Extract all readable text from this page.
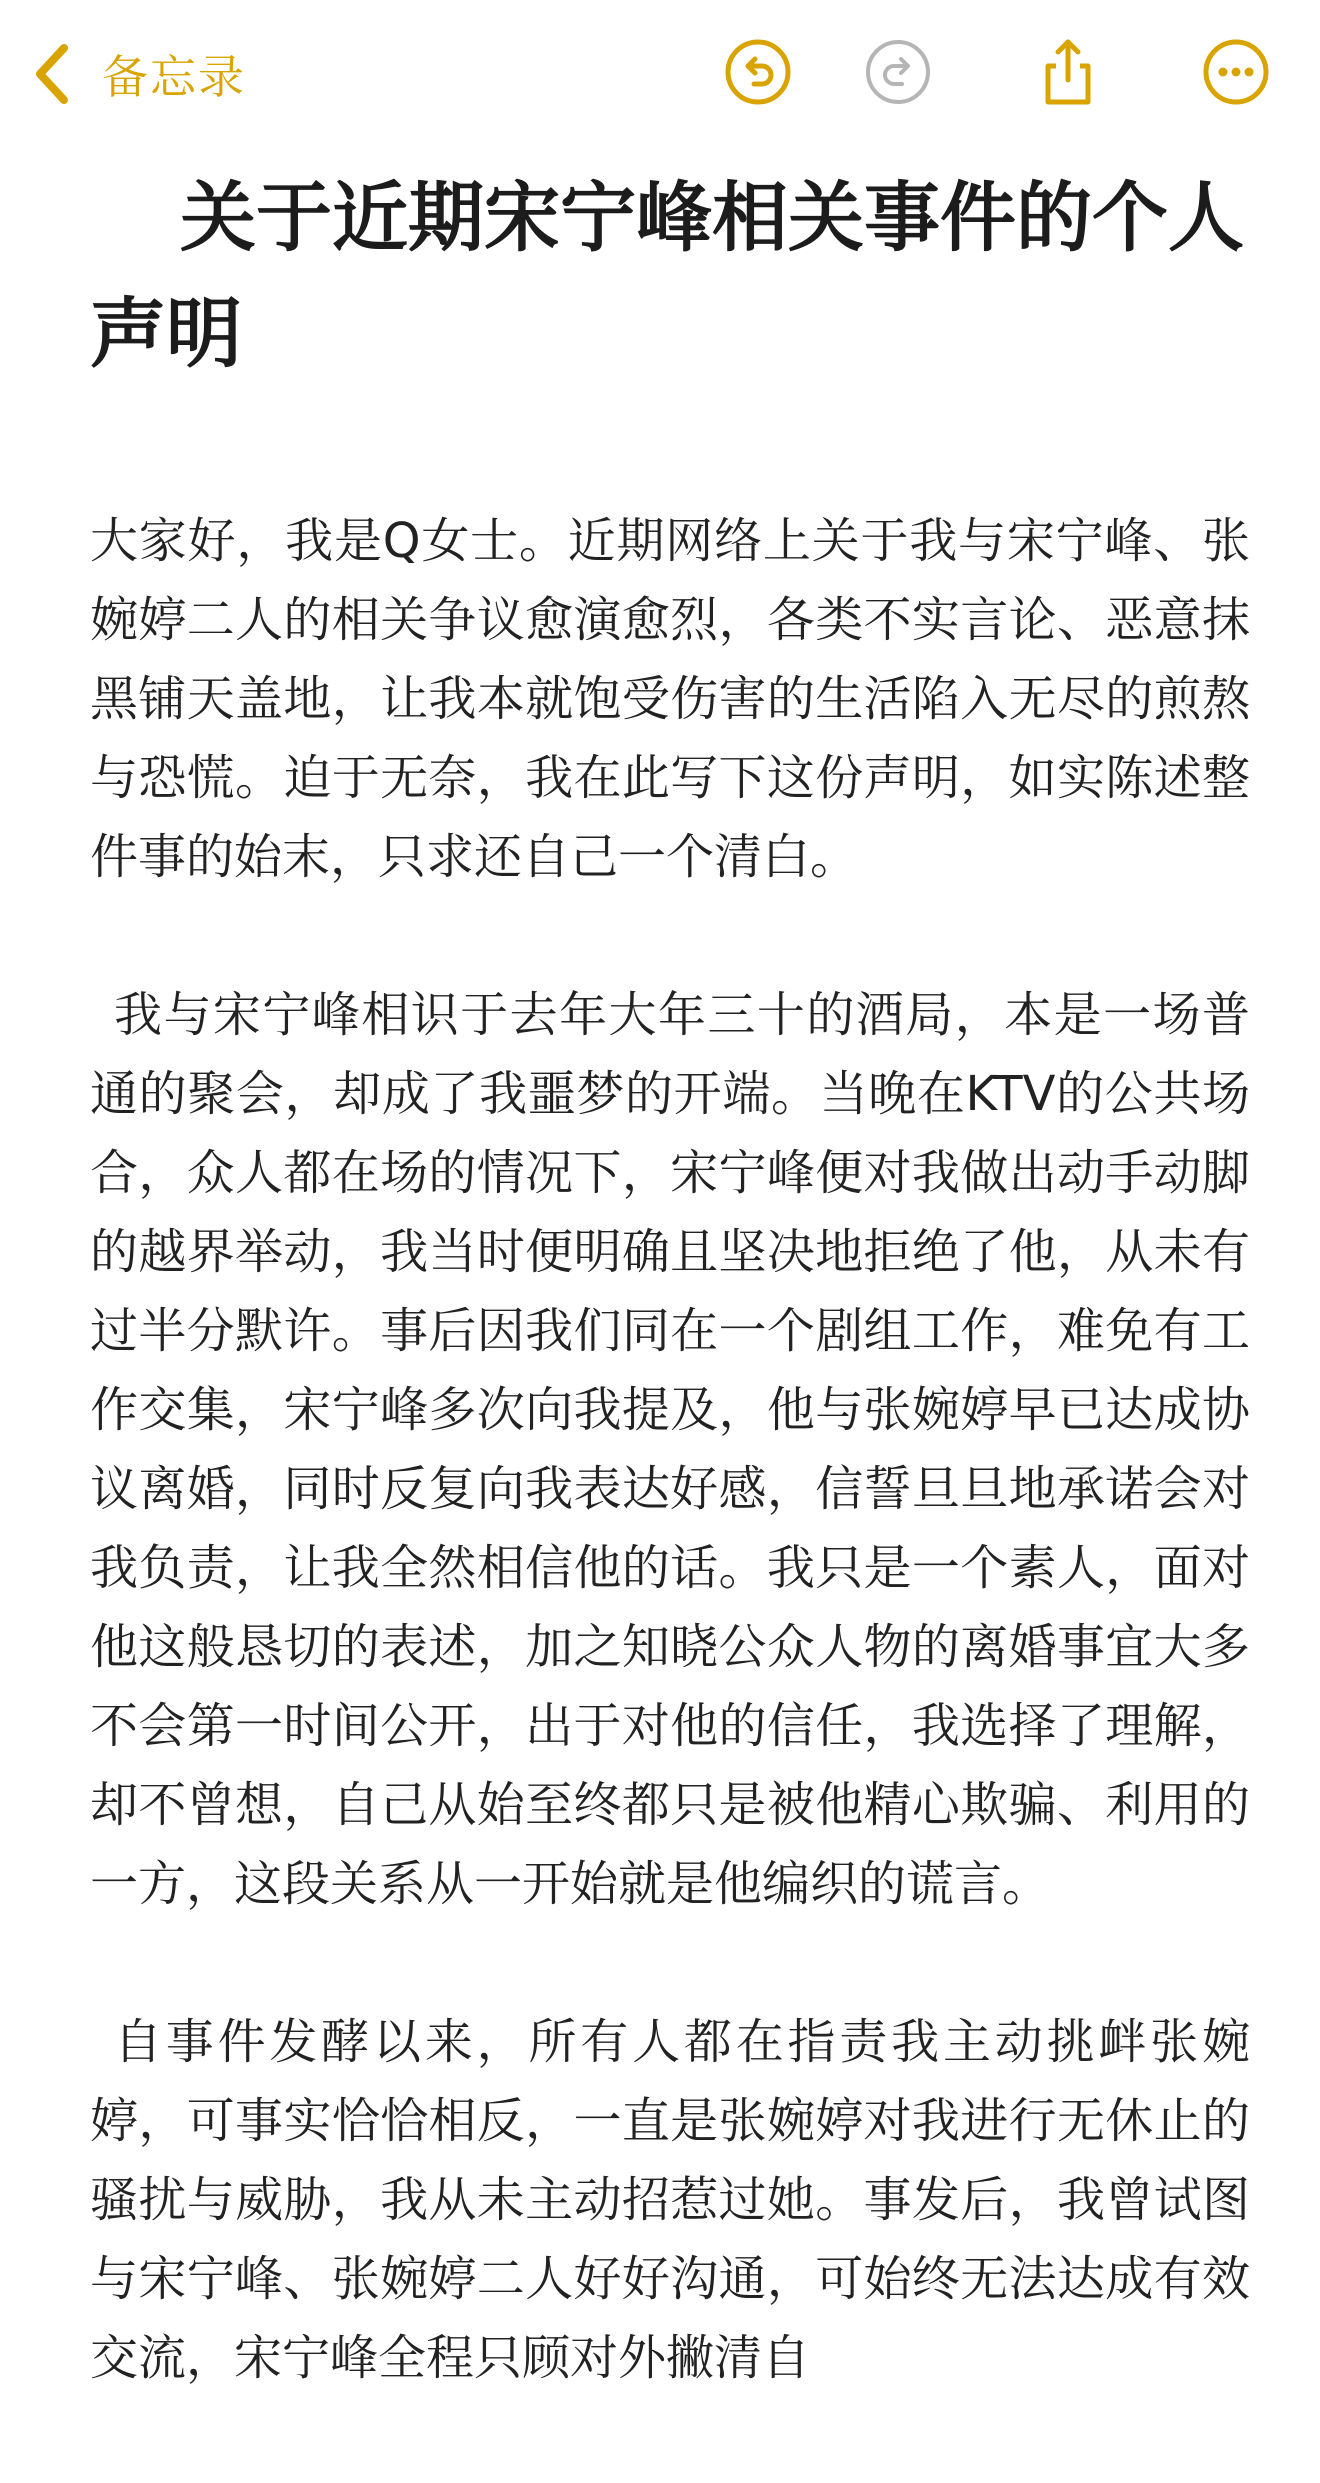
备忘录
关于近期宋宁峰相关事件的个人声明

大家好，我是Q女士。近期网络上关于我与宋宁峰、张婉婷二人的相关争议愈演愈烈，各类不实言论、恶意抹黑铺天盖地，让我本就饱受伤害的生活陷入无尽的煎熬与恐慌。迫于无奈，我在此写下这份声明，如实陈述整件事的始末，只求还自己一个清白。

我与宋宁峰相识于去年大年三十的酒局，本是一场普通的聚会，却成了我噩梦的开端。当晚在KTV的公共场合，众人都在场的情况下，宋宁峰便对我做出动手动脚的越界举动，我当时便明确且坚决地拒绝了他，从未有过半分默许。事后因我们同在一个剧组工作，难免有工作交集，宋宁峰多次向我提及，他与张婉婷早已达成协议离婚，同时反复向我表达好感，信誓旦旦地承诺会对我负责，让我全然相信他的话。我只是一个素人，面对他这般恳切的表述，加之知晓公众人物的离婚事宜大多不会第一时间公开，出于对他的信任，我选择了理解，却不曾想，自己从始至终都只是被他精心欺骗、利用的一方，这段关系从一开始就是他编织的谎言。

自事件发酵以来，所有人都在指责我主动挑衅张婉婷，可事实恰恰相反，一直是张婉婷对我进行无休止的骚扰与威胁，我从未主动招惹过她。事发后，我曾试图与宋宁峰、张婉婷二人好好沟通，可始终无法达成有效交流，宋宁峰全程只顾对外撇清自
